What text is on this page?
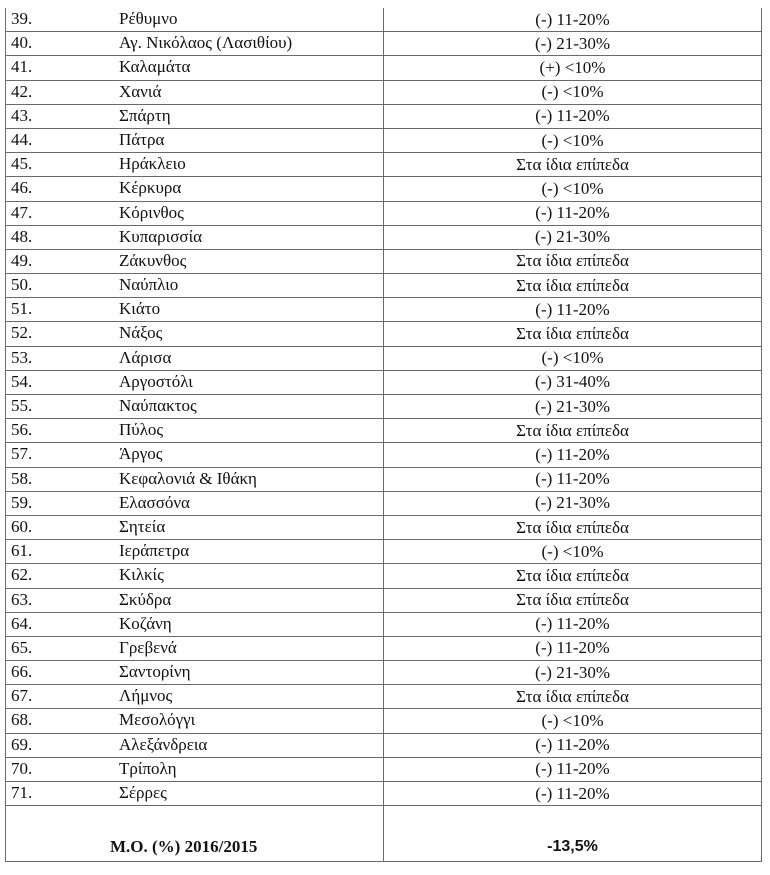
39. Ρέθυμνο	(-) 11-20%

40. Αγ. Νικόλαος (Λασιθίου)	(-) 21-30%

41. Καλαμάτα	(+) <10%

42. Χανιά	(-) <10%

43. Σπάρτη	(-) 11-20%

44. Πάτρα	(-) <10%

45. Ηράκλειο	Στα ίδια επίπεδα

46. Κέρκυρα	(-) <10%

47. Κόρινθος	(-) 11-20%

48. Κυπαρισσία	(-) 21-30%

49. Ζάκυνθος	Στα ίδια επίπεδα

50. Ναύπλιο	Στα ίδια επίπεδα

51. Κιάτο	(-) 11-20%

52. Νάξος	Στα ίδια επίπεδα

53. Λάρισα	(-) <10%

54. Αργοστόλι	(-) 31-40%

55. Ναύπακτος	(-) 21-30%

56. Πύλος	Στα ίδια επίπεδα

57. Άργος	(-) 11-20%

58. Κεφαλονιά & Ιθάκη	(-) 11-20%

59. Ελασσόνα	(-) 21-30%

60. Σητεία	Στα ίδια επίπεδα

61. Ιεράπετρα	(-) <10%

62. Κιλκίς	Στα ίδια επίπεδα

63. Σκύδρα	Στα ίδια επίπεδα

64. Κοζάνη	(-) 11-20%

65. Γρεβενά	(-) 11-20%

66. Σαντορίνη	(-) 21-30%

67. Λήμνος	Στα ίδια επίπεδα

68. Μεσολόγγι	(-) <10%

69. Αλεξάνδρεια	(-) 11-20%

70. Τρίπολη	(-) 11-20%

71. Σέρρες	(-) 11-20%
Μ.Ο. (%) 2016/2015	-13,5%
